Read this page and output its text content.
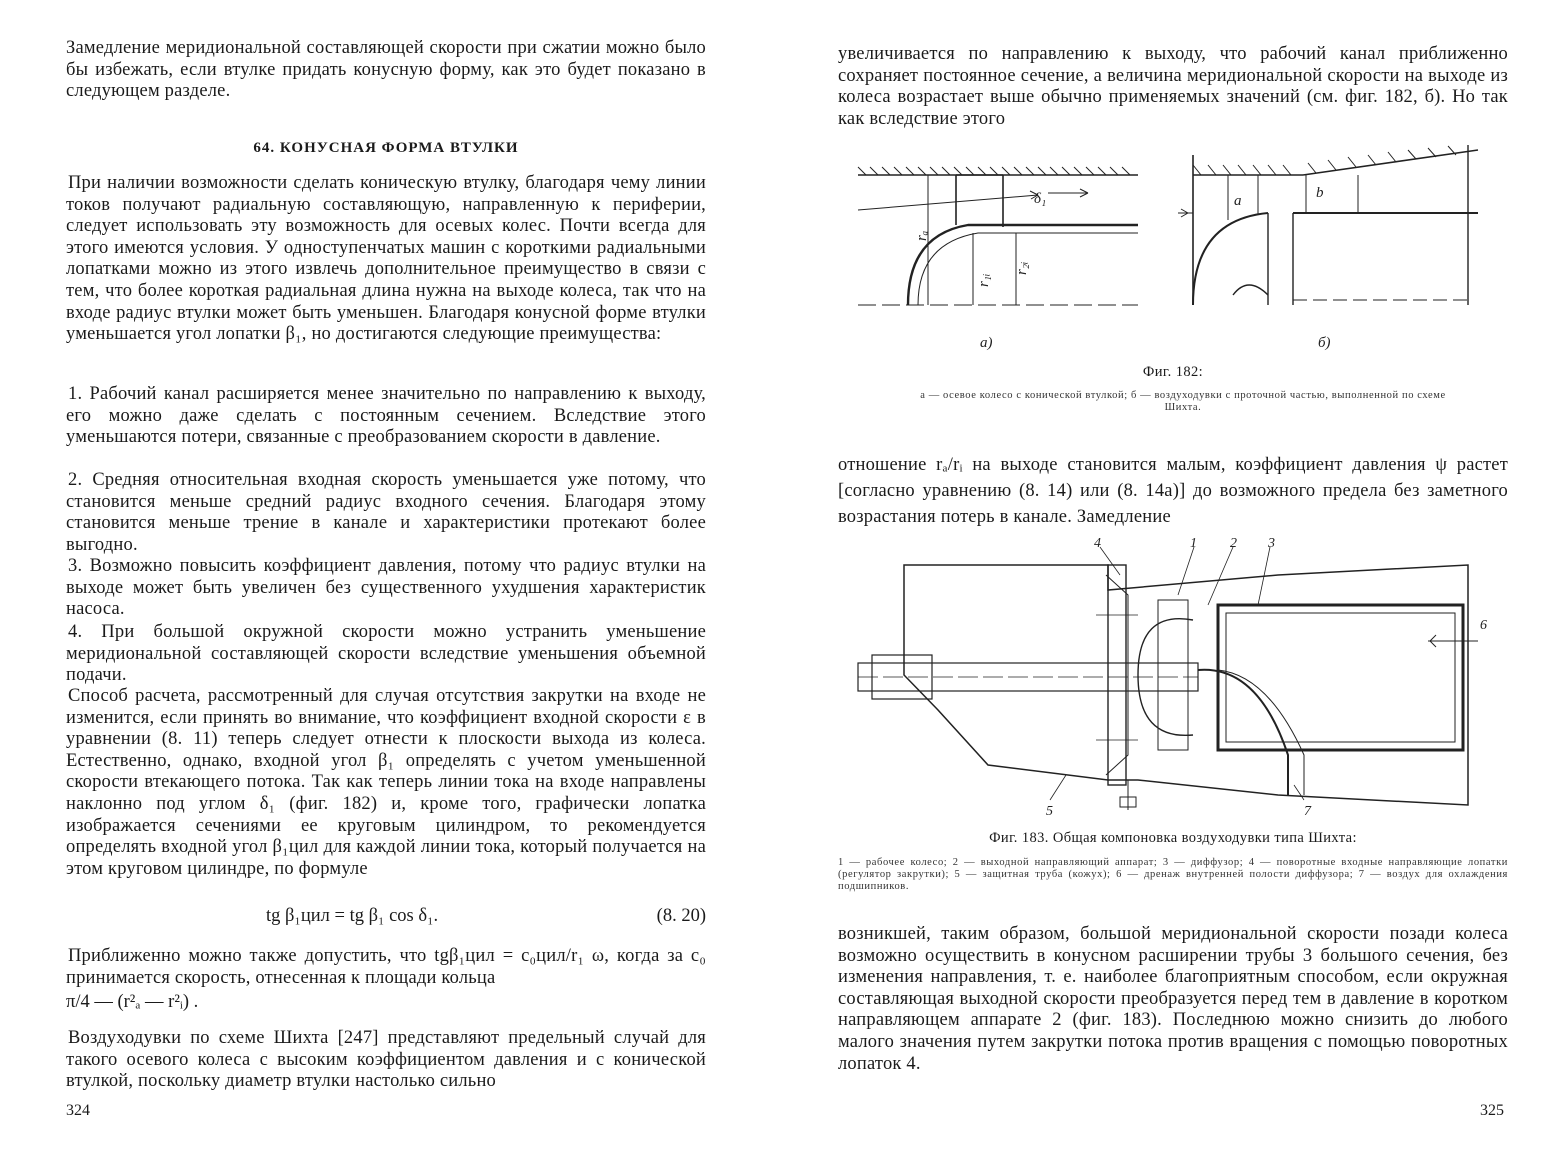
Замедление меридиональной составляющей скорости при сжатии можно было бы избежать, если втулке придать конусную форму, как это будет показано в следующем разделе.
64. КОНУСНАЯ ФОРМА ВТУЛКИ
При наличии возможности сделать коническую втулку, благодаря чему линии токов получают радиальную составляющую, направленную к периферии, следует использовать эту возможность для осевых колес. Почти всегда для этого имеются условия. У одноступенчатых машин с короткими радиальными лопатками можно из этого извлечь дополнительное преимущество в связи с тем, что более короткая радиальная длина нужна на выходе колеса, так что на входе радиус втулки может быть уменьшен. Благодаря конусной форме втулки уменьшается угол лопатки β₁, но достигаются следующие преимущества:
1. Рабочий канал расширяется менее значительно по направлению к выходу, его можно даже сделать с постоянным сечением. Вследствие этого уменьшаются потери, связанные с преобразованием скорости в давление.
2. Средняя относительная входная скорость уменьшается уже потому, что становится меньше средний радиус входного сечения. Благодаря этому становится меньше трение в канале и характеристики протекают более выгодно.
3. Возможно повысить коэффициент давления, потому что радиус втулки на выходе может быть увеличен без существенного ухудшения характеристик насоса.
4. При большой окружной скорости можно устранить уменьшение меридиональной составляющей скорости вследствие уменьшения объемной подачи.
Способ расчета, рассмотренный для случая отсутствия закрутки на входе не изменится, если принять во внимание, что коэффициент входной скорости ε в уравнении (8. 11) теперь следует отнести к плоскости выхода из колеса. Естественно, однако, входной угол β₁ определять с учетом уменьшенной скорости втекающего потока. Так как теперь линии тока на входе направлены наклонно под углом δ₁ (фиг. 182) и, кроме того, графически лопатка изображается сечениями ее круговым цилиндром, то рекомендуется определять входной угол β₁цил для каждой линии тока, который получается на этом круговом цилиндре, по формуле
tg β₁цил = tg β₁ cos δ₁.	(8. 20)
Приближенно можно также допустить, что tgβ₁цил = c₀цил/r₁ ω, когда за c₀ принимается скорость, отнесенная к площади кольца
π/4 — (r²ₐ — r²ᵢ) .
Воздуходувки по схеме Шихта [247] представляют предельный случай для такого осевого колеса с высоким коэффициентом давления и с конической втулкой, поскольку диаметр втулки настолько сильно
324
увеличивается по направлению к выходу, что рабочий канал приближенно сохраняет постоянное сечение, а величина меридиональной скорости на выходе из колеса возрастает выше обычно применяемых значений (см. фиг. 182, б). Но так как вследствие этого
rₐ
r₁ᵢ
r₂ᵢ
δ₁	a	b
а)	б)
Фиг. 182:
а — осевое колесо с конической втулкой; б — воздуходувки с проточной частью, выполненной по схеме Шихта.
отношение rₐ/rᵢ на выходе становится малым, коэффициент давления ψ растет [согласно уравнению (8. 14) или (8. 14а)] до возможного предела без заметного возрастания потерь в канале. Замедление
4	1 2 3
6
5	7
Фиг. 183. Общая компоновка воздуходувки типа Шихта:
1 — рабочее колесо; 2 — выходной направляющий аппарат; 3 — диффузор; 4 — поворотные входные направляющие лопатки (регулятор закрутки); 5 — защитная труба (кожух); 6 — дренаж внутренней полости диффузора; 7 — воздух для охлаждения подшипников.
возникшей, таким образом, большой меридиональной скорости позади колеса возможно осуществить в конусном расширении трубы 3 большого сечения, без изменения направления, т. е. наиболее благоприятным способом, если окружная составляющая выходной скорости преобразуется перед тем в давление в коротком направляющем аппарате 2 (фиг. 183). Последнюю можно снизить до любого малого значения путем закрутки потока против вращения с помощью поворотных лопаток 4.
325
